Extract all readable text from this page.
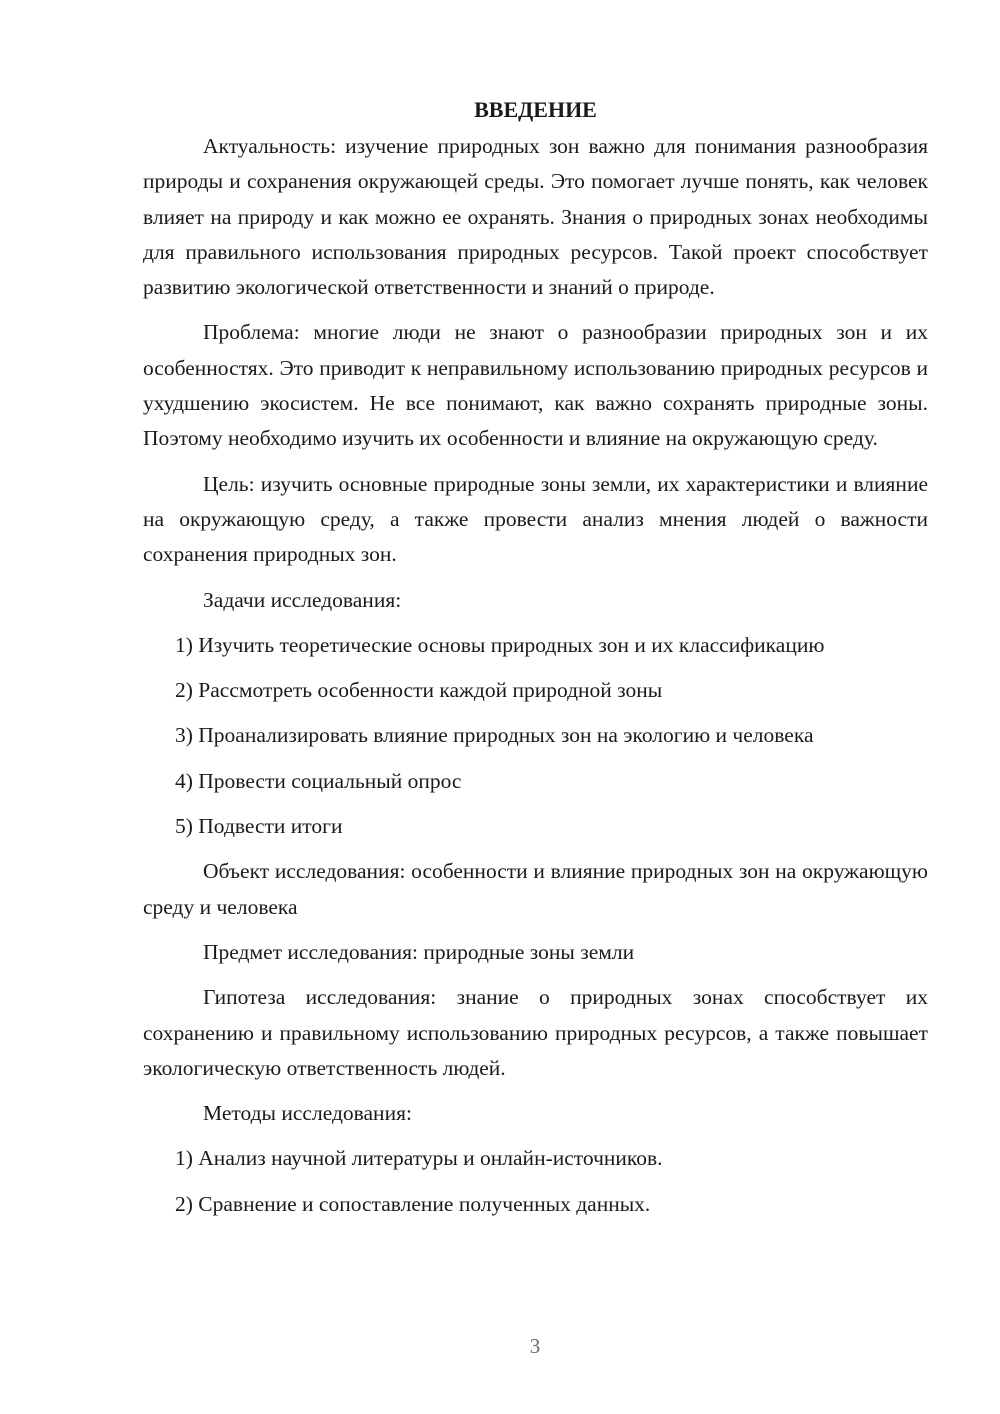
ВВЕДЕНИЕ

Актуальность: изучение природных зон важно для понимания разнообразия природы и сохранения окружающей среды. Это помогает лучше понять, как человек влияет на природу и как можно ее охранять. Знания о природных зонах необходимы для правильного использования природных ресурсов. Такой проект способствует развитию экологической ответственности и знаний о природе.

Проблема: многие люди не знают о разнообразии природных зон и их особенностях. Это приводит к неправильному использованию природных ресурсов и ухудшению экосистем. Не все понимают, как важно сохранять природные зоны. Поэтому необходимо изучить их особенности и влияние на окружающую среду.

Цель: изучить основные природные зоны земли, их характеристики и влияние на окружающую среду, а также провести анализ мнения людей о важности сохранения природных зон.

Задачи исследования:

1) Изучить теоретические основы природных зон и их классификацию

2) Рассмотреть особенности каждой природной зоны

3) Проанализировать влияние природных зон на экологию и человека

4) Провести социальный опрос

5) Подвести итоги

Объект исследования: особенности и влияние природных зон на окружающую среду и человека

Предмет исследования: природные зоны земли

Гипотеза исследования: знание о природных зонах способствует их сохранению и правильному использованию природных ресурсов, а также повышает экологическую ответственность людей.

Методы исследования:

1) Анализ научной литературы и онлайн-источников.

2) Сравнение и сопоставление полученных данных.

3
